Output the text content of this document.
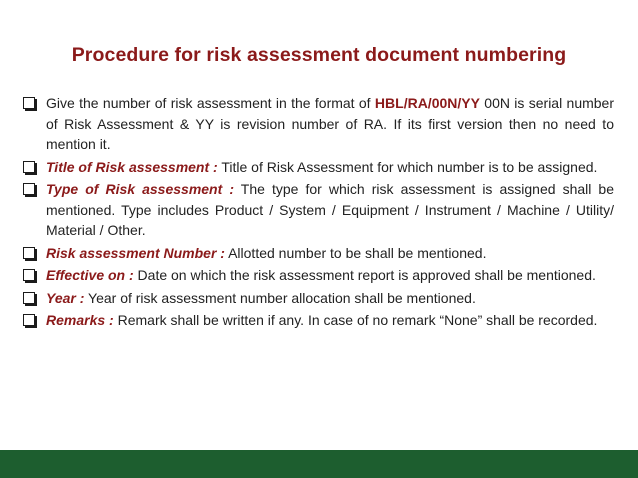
Procedure for risk assessment document numbering
Give the number of risk assessment in the format of HBL/RA/00N/YY 00N is serial number of Risk Assessment & YY is revision number of RA. If its first version then no need to mention it.
Title of Risk assessment : Title of Risk Assessment for which number is to be assigned.
Type of Risk assessment : The type for which risk assessment is assigned shall be mentioned. Type includes Product / System / Equipment / Instrument / Machine / Utility/ Material / Other.
Risk assessment Number : Allotted number to be shall be mentioned.
Effective on : Date on which the risk assessment report is approved shall be mentioned.
Year : Year of risk assessment number allocation shall be mentioned.
Remarks : Remark shall be written if any. In case of no remark “None” shall be recorded.
